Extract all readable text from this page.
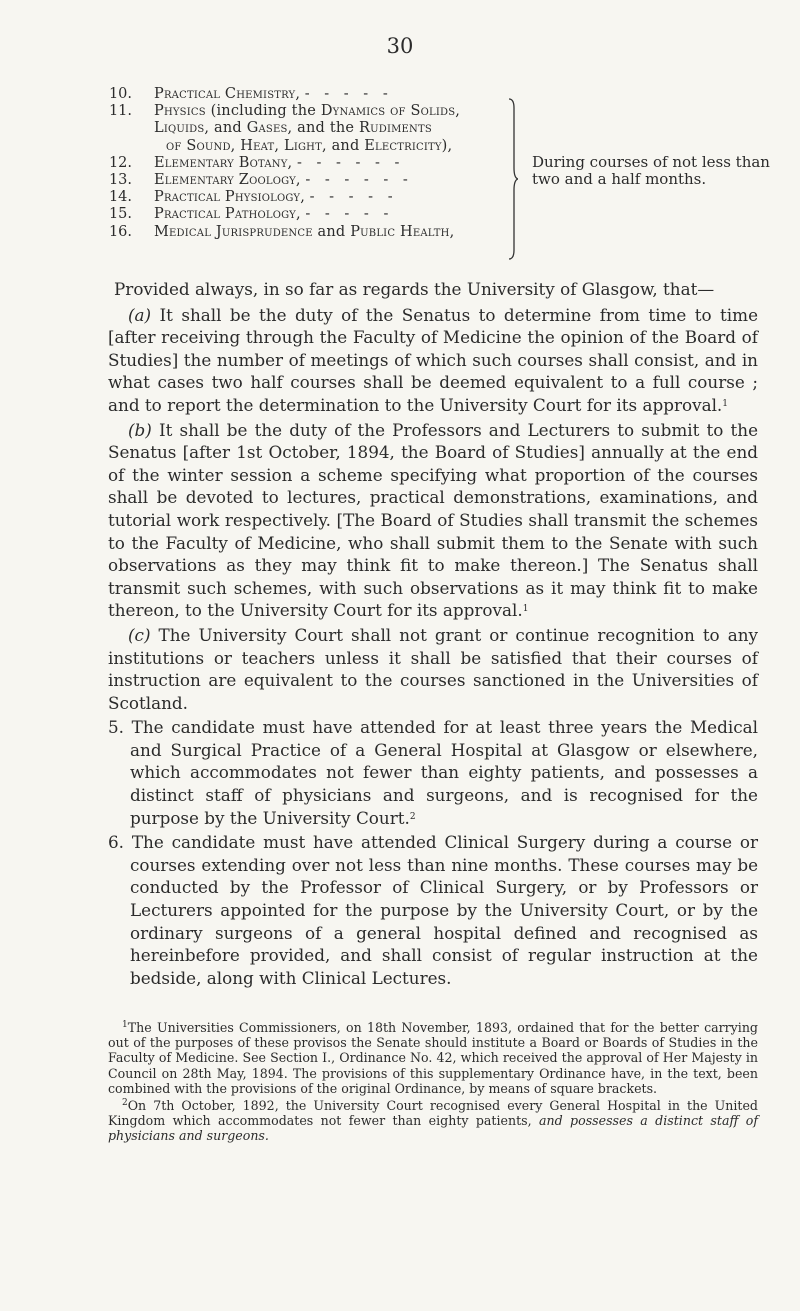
30
10. Practical Chemistry, - - - - -
11. Physics (including the Dynamics of Solids,
Liquids, and Gases, and the Rudiments
of Sound, Heat, Light, and Electricity),
12. Elementary Botany, - - - - - -
13. Elementary Zoology, - - - - - -
14. Practical Physiology, - - - - -
15. Practical Pathology, - - - - -
16. Medical Jurisprudence and Public Health,
During courses of not less than two and a half months.

Provided always, in so far as regards the University of Glasgow, that—

(a) It shall be the duty of the Senatus to determine from time to time [after receiving through the Faculty of Medicine the opinion of the Board of Studies] the number of meetings of which such courses shall consist, and in what cases two half courses shall be deemed equivalent to a full course ; and to report the determination to the University Court for its approval.$^1$

(b) It shall be the duty of the Professors and Lecturers to submit to the Senatus [after 1st October, 1894, the Board of Studies] annually at the end of the winter session a scheme specifying what proportion of the courses shall be devoted to lectures, practical demonstrations, examinations, and tutorial work respectively. [The Board of Studies shall transmit the schemes to the Faculty of Medicine, who shall submit them to the Senate with such observations as they may think fit to make thereon.] The Senatus shall transmit such schemes, with such observations as it may think fit to make thereon, to the University Court for its approval.$^1$

(c) The University Court shall not grant or continue recognition to any institutions or teachers unless it shall be satisfied that their courses of instruction are equivalent to the courses sanctioned in the Universities of Scotland.

5. The candidate must have attended for at least three years the Medical and Surgical Practice of a General Hospital at Glasgow or elsewhere, which accommodates not fewer than eighty patients, and possesses a distinct staff of physicians and surgeons, and is recognised for the purpose by the University Court.$^2$

6. The candidate must have attended Clinical Surgery during a course or courses extending over not less than nine months. These courses may be conducted by the Professor of Clinical Surgery, or by Professors or Lecturers appointed for the purpose by the University Court, or by the ordinary surgeons of a general hospital defined and recognised as hereinbefore provided, and shall consist of regular instruction at the bedside, along with Clinical Lectures.

$^1$The Universities Commissioners, on 18th November, 1893, ordained that for the better carrying out of the purposes of these provisos the Senate should institute a Board or Boards of Studies in the Faculty of Medicine. See Section I., Ordinance No. 42, which received the approval of Her Majesty in Council on 28th May, 1894. The provisions of this supplementary Ordinance have, in the text, been combined with the provisions of the original Ordinance, by means of square brackets.

$^2$On 7th October, 1892, the University Court recognised every General Hospital in the United Kingdom which accommodates not fewer than eighty patients, and possesses a distinct staff of physicians and surgeons.
